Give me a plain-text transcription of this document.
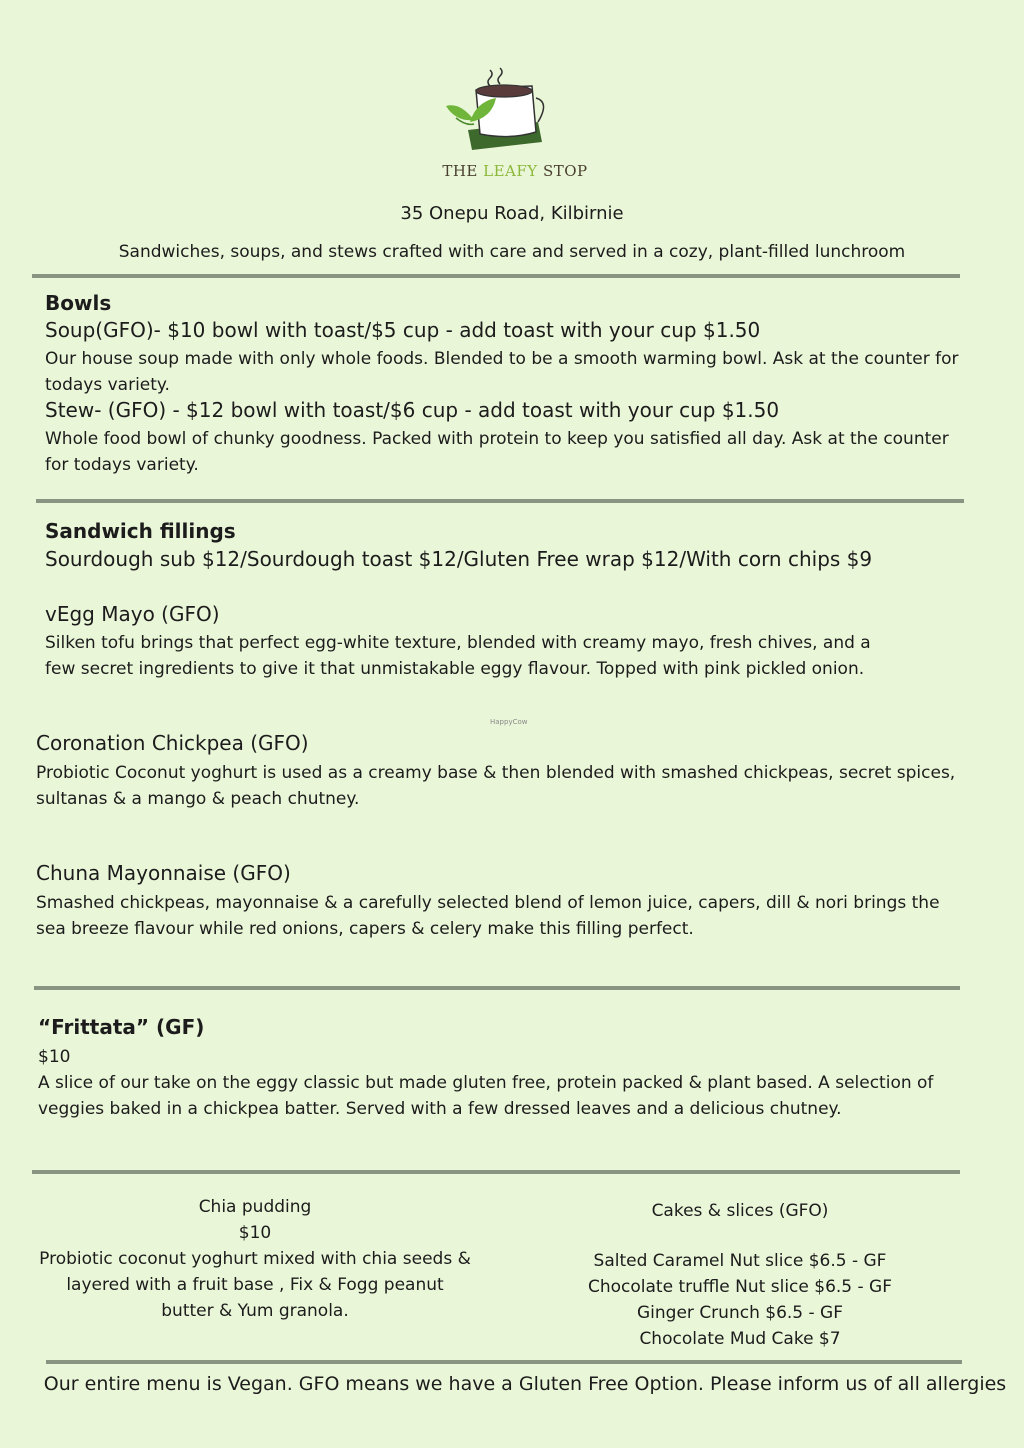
THE LEAFY STOP
35 Onepu Road, Kilbirnie
Sandwiches, soups, and stews crafted with care and served in a cozy, plant-filled lunchroom
Bowls
Soup(GFO)- $10 bowl with toast/$5 cup - add toast with your cup $1.50
Our house soup made with only whole foods. Blended to be a smooth warming bowl. Ask at the counter for todays variety.
Stew- (GFO) - $12 bowl with toast/$6 cup - add toast with your cup $1.50
Whole food bowl of chunky goodness. Packed with protein to keep you satisfied all day. Ask at the counter for todays variety.
Sandwich fillings
Sourdough sub $12/Sourdough toast $12/Gluten Free wrap $12/With corn chips $9
vEgg Mayo (GFO)
Silken tofu brings that perfect egg-white texture, blended with creamy mayo, fresh chives, and a few secret ingredients to give it that unmistakable eggy flavour. Topped with pink pickled onion.
HappyCow
Coronation Chickpea (GFO)
Probiotic Coconut yoghurt is used as a creamy base & then blended with smashed chickpeas, secret spices, sultanas & a mango & peach chutney.
Chuna Mayonnaise (GFO)
Smashed chickpeas, mayonnaise & a carefully selected blend of lemon juice, capers, dill & nori brings the sea breeze flavour while red onions, capers & celery make this filling perfect.
“Frittata” (GF)
$10
A slice of our take on the eggy classic but made gluten free, protein packed & plant based. A selection of veggies baked in a chickpea batter. Served with a few dressed leaves and a delicious chutney.
Chia pudding
$10
Probiotic coconut yoghurt mixed with chia seeds & layered with a fruit base , Fix & Fogg peanut butter & Yum granola.
Cakes & slices (GFO)
Salted Caramel Nut slice $6.5 - GF
Chocolate truffle Nut slice $6.5 - GF
Ginger Crunch $6.5 - GF
Chocolate Mud Cake $7
Our entire menu is Vegan. GFO means we have a Gluten Free Option. Please inform us of all allergies
